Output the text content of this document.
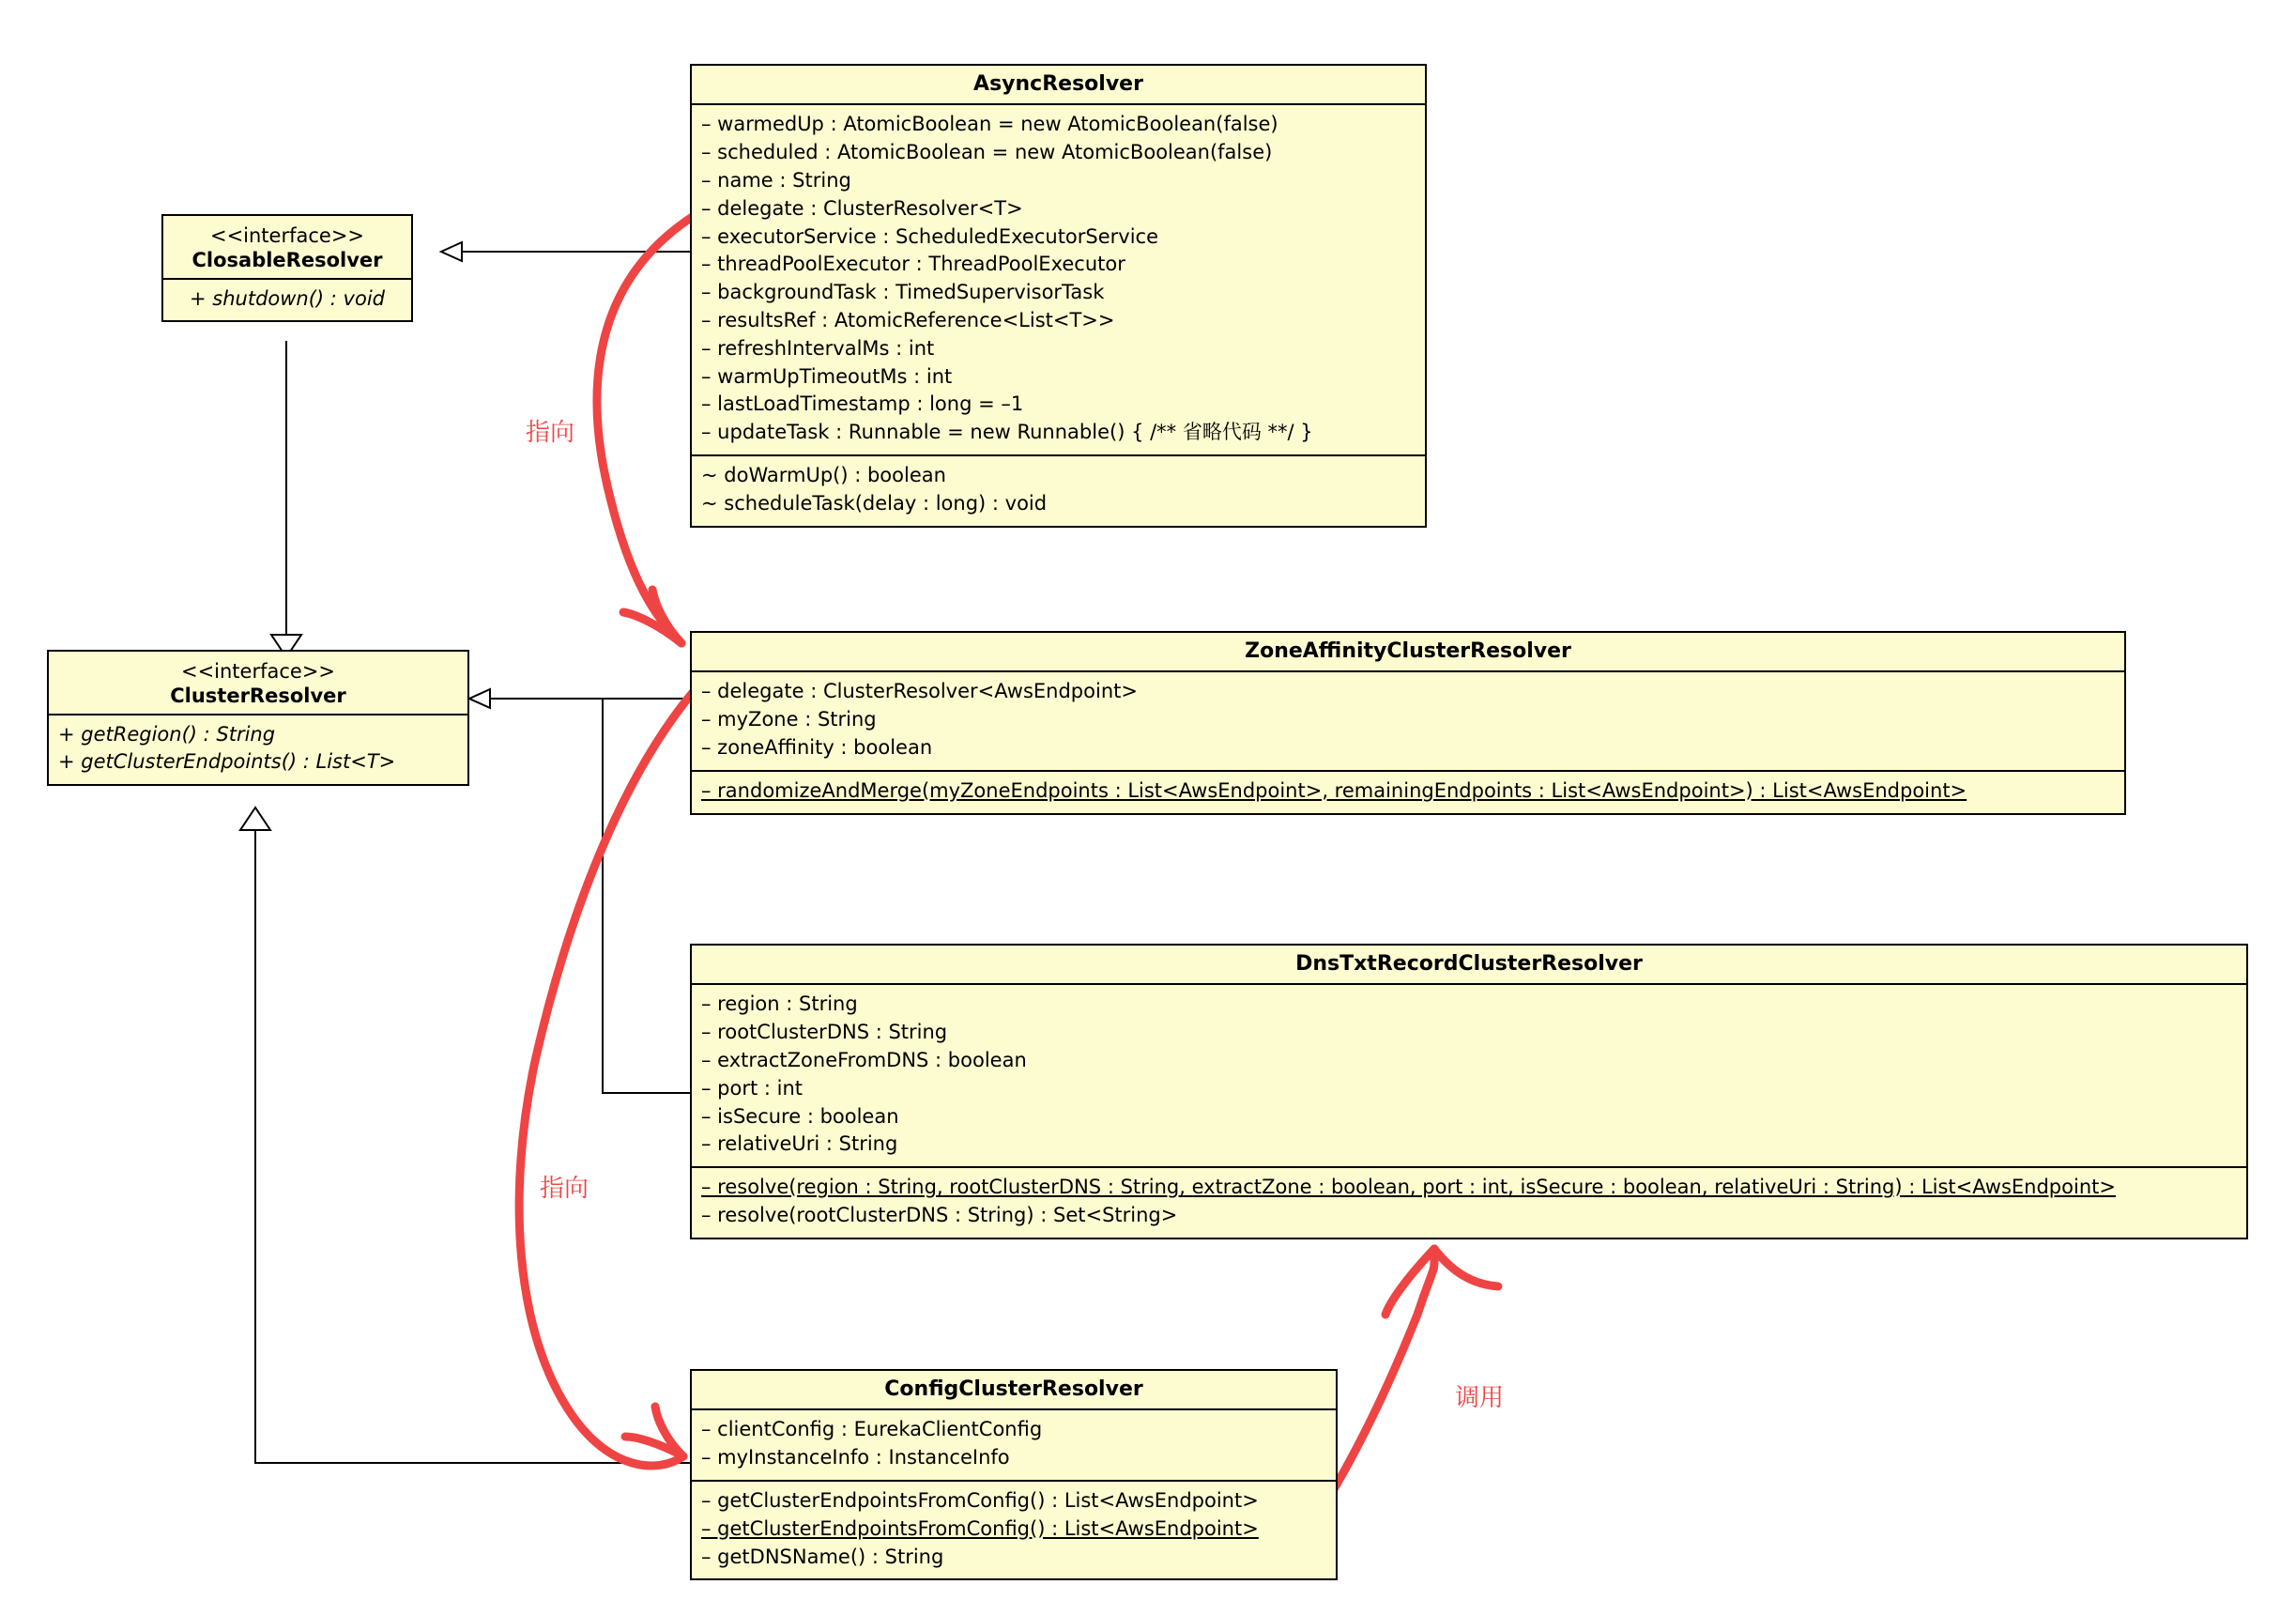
AsyncResolver
– warmedUp : AtomicBoolean = new AtomicBoolean(false)
– scheduled : AtomicBoolean = new AtomicBoolean(false)
– name : String
– delegate : ClusterResolver<T>
– executorService : ScheduledExecutorService
– threadPoolExecutor : ThreadPoolExecutor
– backgroundTask : TimedSupervisorTask
– resultsRef : AtomicReference<List<T>>
– refreshIntervalMs : int
– warmUpTimeoutMs : int
– lastLoadTimestamp : long = –1
– updateTask : Runnable = new Runnable() { /** 省略代码 **/ }
~ doWarmUp() : boolean
~ scheduleTask(delay : long) : void
<<interface>>
ClosableResolver
+ shutdown() : void
<<interface>>
ClusterResolver
+ getRegion() : String
+ getClusterEndpoints() : List<T>
ZoneAffinityClusterResolver
– delegate : ClusterResolver<AwsEndpoint>
– myZone : String
– zoneAffinity : boolean
– randomizeAndMerge(myZoneEndpoints : List<AwsEndpoint>, remainingEndpoints : List<AwsEndpoint>) : List<AwsEndpoint>
DnsTxtRecordClusterResolver
– region : String
– rootClusterDNS : String
– extractZoneFromDNS : boolean
– port : int
– isSecure : boolean
– relativeUri : String
– resolve(region : String, rootClusterDNS : String, extractZone : boolean, port : int, isSecure : boolean, relativeUri : String) : List<AwsEndpoint>
– resolve(rootClusterDNS : String) : Set<String>
ConfigClusterResolver
– clientConfig : EurekaClientConfig
– myInstanceInfo : InstanceInfo
– getClusterEndpointsFromConfig() : List<AwsEndpoint>
– getClusterEndpointsFromConfig() : List<AwsEndpoint>
– getDNSName() : String
指向
指向
调用
